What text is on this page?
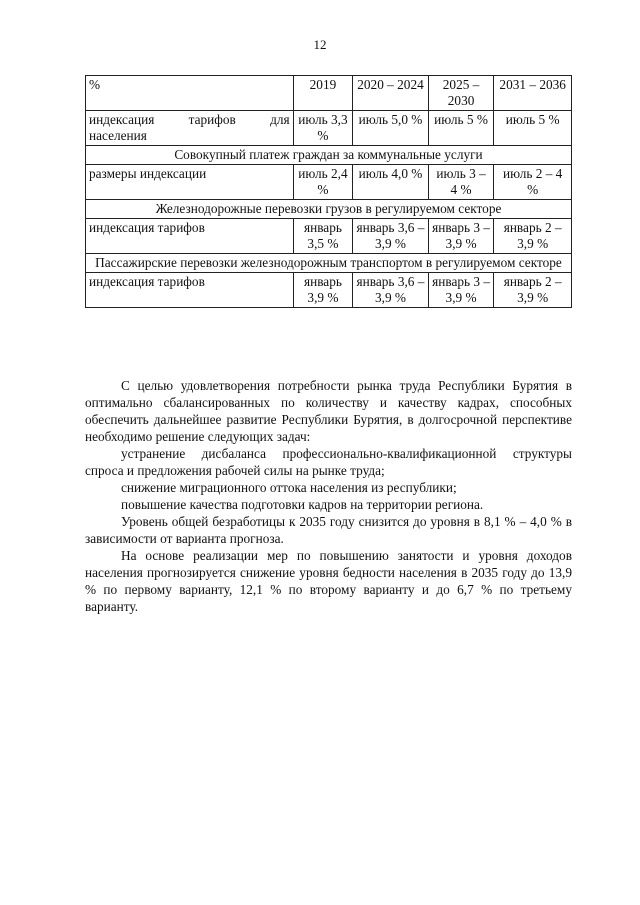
12
%	2019	2020 – 2024	2025 – 2030	2031 – 2036

индексация тарифов для
населения	июль 3,3 %	июль 5,0 %	июль 5 %	июль 5 %
Совокупный платеж граждан за коммунальные услуги				
размеры индексации	июль 2,4 %	июль 4,0 %	июль 3 – 4 %	июль 2 – 4 %
Железнодорожные перевозки грузов в регулируемом секторе				
индексация тарифов	январь 3,5 %	январь 3,6 – 3,9 %	январь 3 – 3,9 %	январь 2 – 3,9 %
Пассажирские перевозки железнодорожным транспортом в регулируемом секторе				
индексация тарифов	январь 3,9 %	январь 3,6 – 3,9 %	январь 3 – 3,9 %	январь 2 – 3,9 %

С целью удовлетворения потребности рынка труда Республики Бурятия в оптимально сбалансированных по количеству и качеству кадрах, способных обеспечить дальнейшее развитие Республики Бурятия, в долгосрочной перспективе необходимо решение следующих задач:

устранение дисбаланса профессионально-квалификационной структуры спроса и предложения рабочей силы на рынке труда;

снижение миграционного оттока населения из республики;

повышение качества подготовки кадров на территории региона.

Уровень общей безработицы к 2035 году снизится до уровня в 8,1 % – 4,0 % в зависимости от варианта прогноза.

На основе реализации мер по повышению занятости и уровня доходов населения прогнозируется снижение уровня бедности населения в 2035 году до 13,9 % по первому варианту, 12,1 % по второму варианту и до 6,7 % по третьему варианту.
